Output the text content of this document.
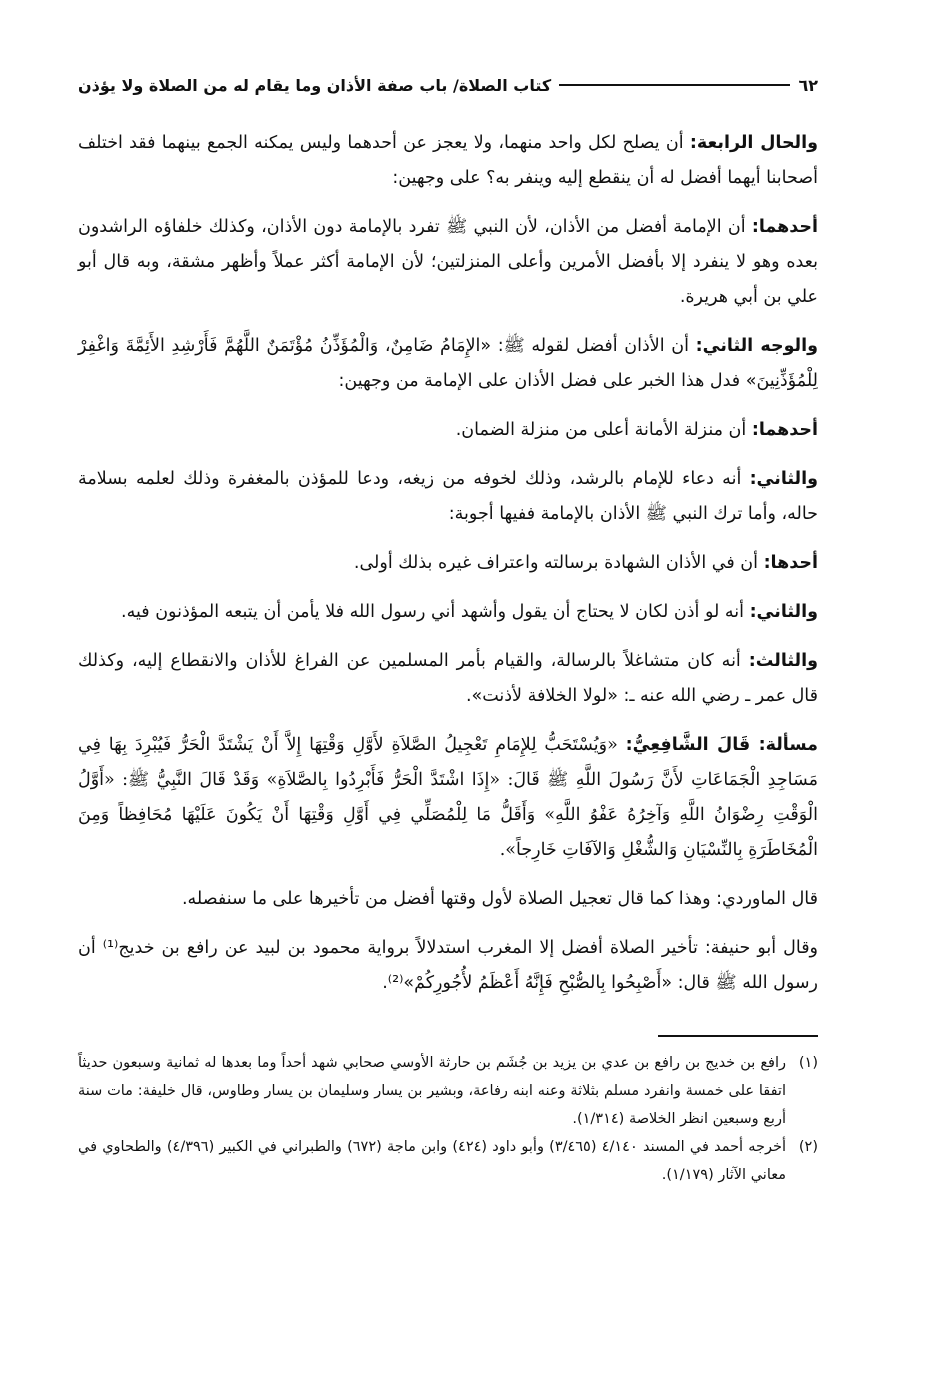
٦٢
كتاب الصلاة/ باب صفة الأذان وما يقام له من الصلاة ولا يؤذن

والحال الرابعة: أن يصلح لكل واحد منهما، ولا يعجز عن أحدهما وليس يمكنه الجمع بينهما فقد اختلف أصحابنا أيهما أفضل له أن ينقطع إليه وينفر به؟ على وجهين:

أحدهما: أن الإمامة أفضل من الأذان، لأن النبي ﷺ تفرد بالإمامة دون الأذان، وكذلك خلفاؤه الراشدون بعده وهو لا ينفرد إلا بأفضل الأمرين وأعلى المنزلتين؛ لأن الإمامة أكثر عملاً وأظهر مشقة، وبه قال أبو علي بن أبي هريرة.

والوجه الثاني: أن الأذان أفضل لقوله ﷺ: «الإِمَامُ ضَامِنٌ، وَالْمُؤَذِّنُ مُؤْتَمَنٌ اللَّهُمَّ فَأَرْشِدِ الأَئِمَّةَ وَاغْفِرْ لِلْمُؤَذِّنِينَ» فدل هذا الخبر على فضل الأذان على الإمامة من وجهين:

أحدهما: أن منزلة الأمانة أعلى من منزلة الضمان.

والثاني: أنه دعاء للإمام بالرشد، وذلك لخوفه من زيغه، ودعا للمؤذن بالمغفرة وذلك لعلمه بسلامة حاله، وأما ترك النبي ﷺ الأذان بالإمامة ففيها أجوبة:

أحدها: أن في الأذان الشهادة برسالته واعتراف غيره بذلك أولى.

والثاني: أنه لو أذن لكان لا يحتاج أن يقول وأشهد أني رسول الله فلا يأمن أن يتبعه المؤذنون فيه.

والثالث: أنه كان متشاغلاً بالرسالة، والقيام بأمر المسلمين عن الفراغ للأذان والانقطاع إليه، وكذلك قال عمر ـ رضي الله عنه ـ: «لولا الخلافة لأذنت».

مسألة: قَالَ الشَّافِعِيُّ: «وَيُسْتَحَبُّ لِلإِمَامِ تَعْجِيلُ الصَّلاَةِ لأَوَّلِ وَقْتِهَا إِلاَّ أَنْ يَشْتَدَّ الْحَرُّ فَيُبْرِدَ بِهَا فِي مَسَاجِدِ الْجَمَاعَاتِ لأَنَّ رَسُولَ اللَّهِ ﷺ قَالَ: «إِذَا اشْتَدَّ الْحَرُّ فَأَبْرِدُوا بِالصَّلاَةِ» وَقَدْ قَالَ النَّبِيُّ ﷺ: «أَوَّلُ الْوَقْتِ رِضْوَانُ اللَّهِ وَآخِرُهُ عَفْوُ اللَّهِ» وَأَقَلُّ مَا لِلْمُصَلِّي فِي أَوَّلِ وَقْتِهَا أَنْ يَكُونَ عَلَيْهَا مُحَافِظاً وَمِنَ الْمُخَاطَرَةِ بِالنِّسْيَانِ وَالشُّغْلِ وَالآفَاتِ خَارِجاً».

قال الماوردي: وهذا كما قال تعجيل الصلاة لأول وقتها أفضل من تأخيرها على ما سنفصله.

وقال أبو حنيفة: تأخير الصلاة أفضل إلا المغرب استدلالاً برواية محمود بن لبيد عن رافع بن خديج⁽¹⁾ أن رسول الله ﷺ قال: «أَصْبِحُوا بِالصُّبْحِ فَإِنَّهُ أَعْظَمُ لأُجُورِكُمْ»⁽²⁾.

(١)
رافع بن خديج بن رافع بن عدي بن يزيد بن جُشَم بن حارثة الأوسي صحابي شهد أحداً وما بعدها له ثمانية وسبعون حديثاً اتفقا على خمسة وانفرد مسلم بثلاثة وعنه ابنه رفاعة، وبشير بن يسار وسليمان بن يسار وطاوس، قال خليفة: مات سنة أربع وسبعين انظر الخلاصة (١/٣١٤).
(٢)
أخرجه أحمد في المسند ٤/١٤٠ (٣/٤٦٥) وأبو داود (٤٢٤) وابن ماجة (٦٧٢) والطبراني في الكبير (٤/٣٩٦) والطحاوي في معاني الآثار (١/١٧٩).
